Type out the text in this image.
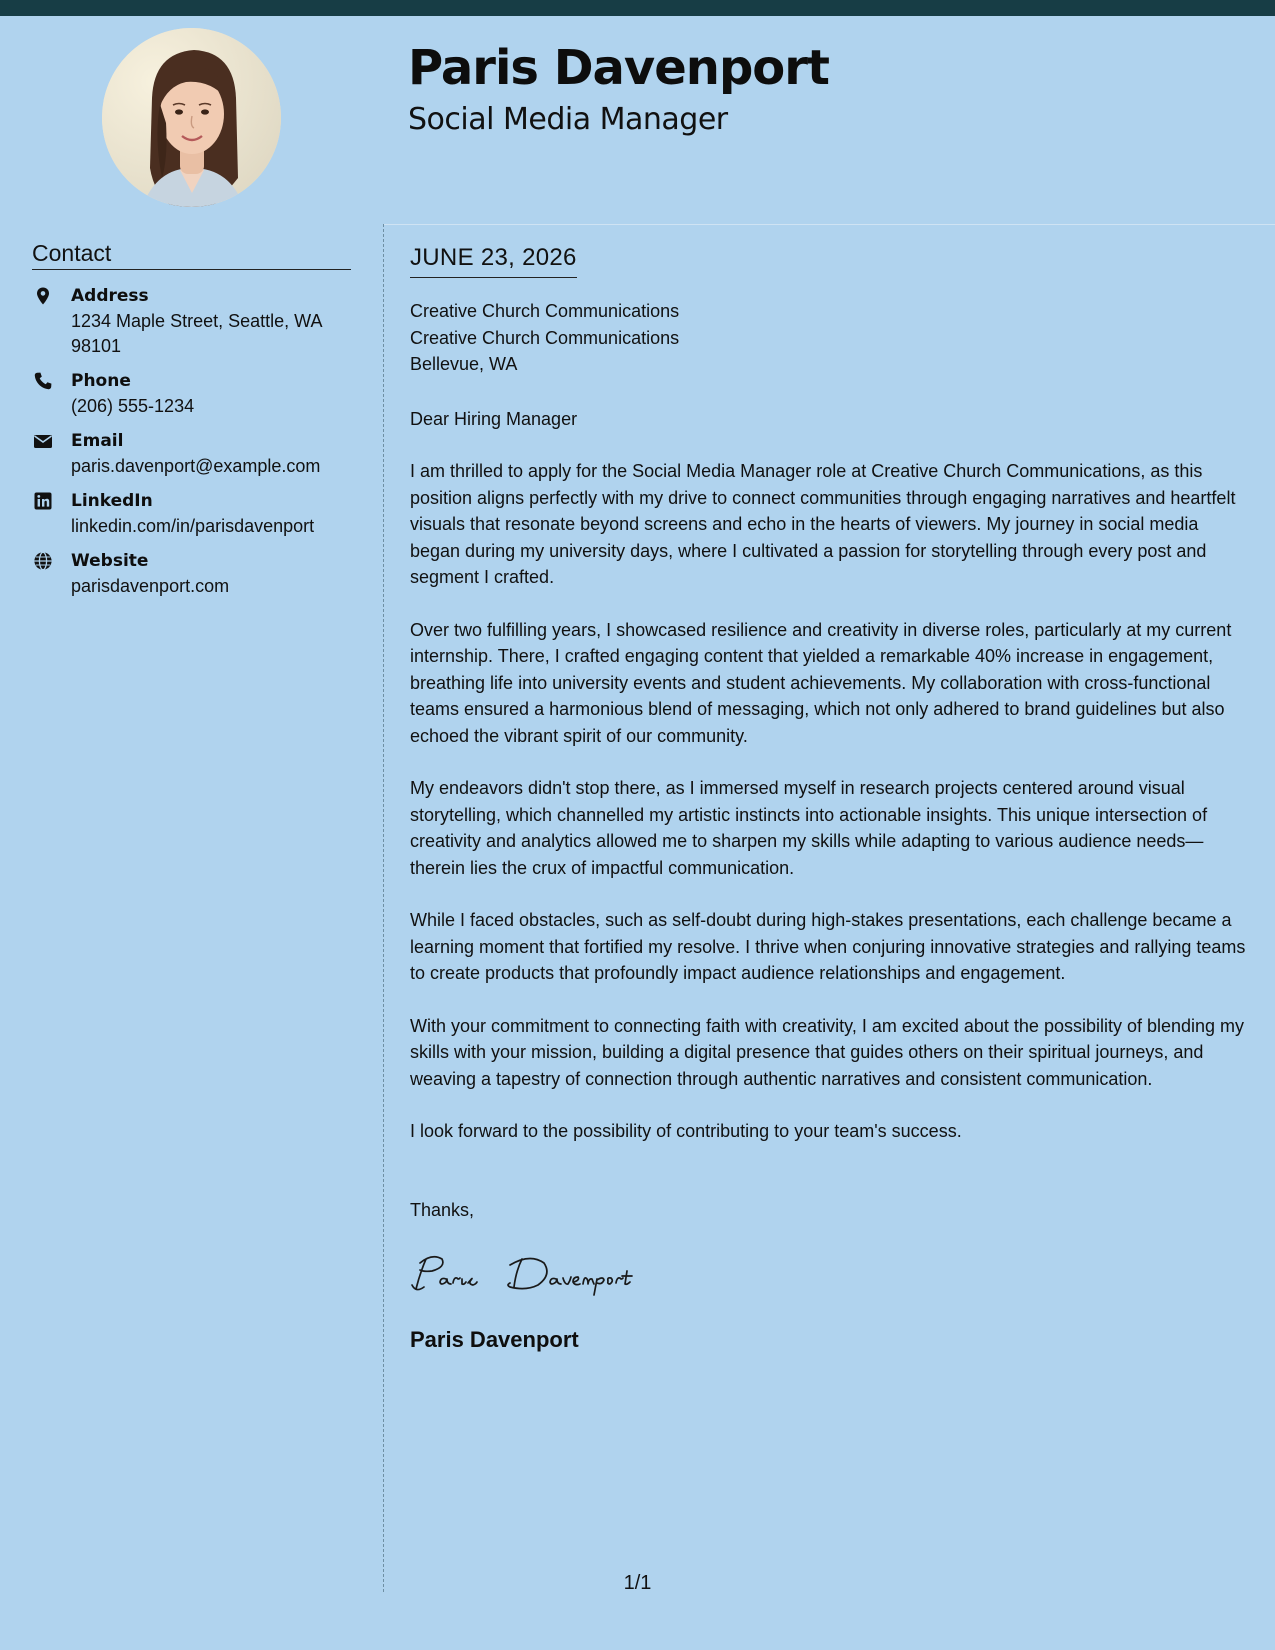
Paris Davenport
Social Media Manager
Contact
Address
1234 Maple Street, Seattle, WA 98101
Phone
(206) 555-1234
Email
paris.davenport@example.com
LinkedIn
linkedin.com/in/parisdavenport
Website
parisdavenport.com
JUNE 23, 2026
Creative Church Communications
Creative Church Communications
Bellevue, WA
Dear Hiring Manager

I am thrilled to apply for the Social Media Manager role at Creative Church Communications, as this position aligns perfectly with my drive to connect communities through engaging narratives and heartfelt visuals that resonate beyond screens and echo in the hearts of viewers. My journey in social media began during my university days, where I cultivated a passion for storytelling through every post and segment I crafted.

Over two fulfilling years, I showcased resilience and creativity in diverse roles, particularly at my current internship. There, I crafted engaging content that yielded a remarkable 40% increase in engagement, breathing life into university events and student achievements. My collaboration with cross-functional teams ensured a harmonious blend of messaging, which not only adhered to brand guidelines but also echoed the vibrant spirit of our community.

My endeavors didn't stop there, as I immersed myself in research projects centered around visual storytelling, which channelled my artistic instincts into actionable insights. This unique intersection of creativity and analytics allowed me to sharpen my skills while adapting to various audience needs—therein lies the crux of impactful communication.

While I faced obstacles, such as self-doubt during high-stakes presentations, each challenge became a learning moment that fortified my resolve. I thrive when conjuring innovative strategies and rallying teams to create products that profoundly impact audience relationships and engagement.

With your commitment to connecting faith with creativity, I am excited about the possibility of blending my skills with your mission, building a digital presence that guides others on their spiritual journeys, and weaving a tapestry of connection through authentic narratives and consistent communication.

I look forward to the possibility of contributing to your team's success.

Thanks,
Paris Davenport
1/1
